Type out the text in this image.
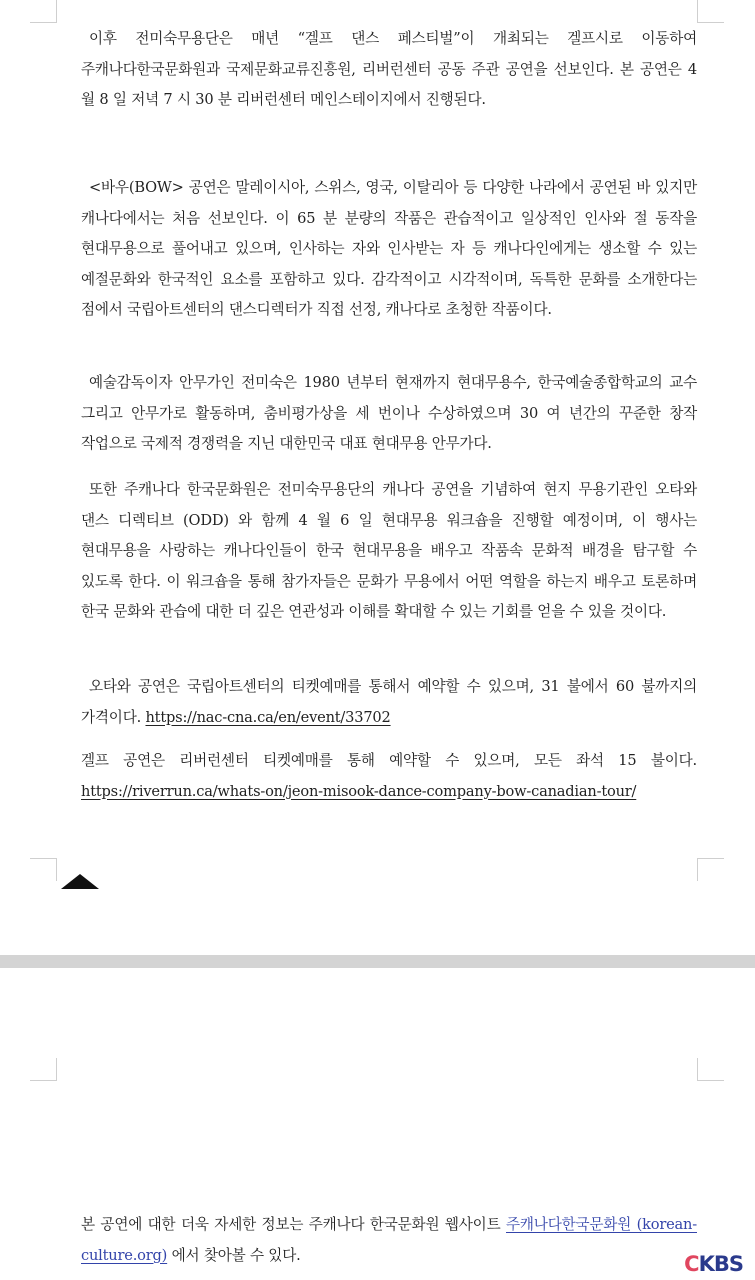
이후 전미숙무용단은 매년 “겔프 댄스 페스티벌”이 개최되는 겔프시로 이동하여 주캐나다한국문화원과 국제문화교류진흥원, 리버런센터 공동 주관 공연을 선보인다. 본 공연은 4 월 8 일 저녁 7 시 30 분 리버런센터 메인스테이지에서 진행된다.

<바우(BOW> 공연은 말레이시아, 스위스, 영국, 이탈리아 등 다양한 나라에서 공연된 바 있지만 캐나다에서는 처음 선보인다. 이 65 분 분량의 작품은 관습적이고 일상적인 인사와 절 동작을 현대무용으로 풀어내고 있으며, 인사하는 자와 인사받는 자 등 캐나다인에게는 생소할 수 있는 예절문화와 한국적인 요소를 포함하고 있다. 감각적이고 시각적이며, 독특한 문화를 소개한다는 점에서 국립아트센터의 댄스디렉터가 직접 선정, 캐나다로 초청한 작품이다.

예술감독이자 안무가인 전미숙은 1980 년부터 현재까지 현대무용수, 한국예술종합학교의 교수 그리고 안무가로 활동하며, 춤비평가상을 세 번이나 수상하였으며 30 여 년간의 꾸준한 창작 작업으로 국제적 경쟁력을 지닌 대한민국 대표 현대무용 안무가다.

또한 주캐나다 한국문화원은 전미숙무용단의 캐나다 공연을 기념하여 현지 무용기관인 오타와 댄스 디렉티브 (ODD) 와 함께 4 월 6 일 현대무용 워크숍을 진행할 예정이며, 이 행사는 현대무용을 사랑하는 캐나다인들이 한국 현대무용을 배우고 작품속 문화적 배경을 탐구할 수 있도록 한다. 이 워크숍을 통해 참가자들은 문화가 무용에서 어떤 역할을 하는지 배우고 토론하며 한국 문화와 관습에 대한 더 깊은 연관성과 이해를 확대할 수 있는 기회를 얻을 수 있을 것이다.

오타와 공연은 국립아트센터의 티켓예매를 통해서 예약할 수 있으며, 31 불에서 60 불까지의 가격이다. https://nac-cna.ca/en/event/33702

겔프 공연은 리버런센터 티켓예매를 통해 예약할 수 있으며, 모든 좌석 15 불이다. https://riverrun.ca/whats-on/jeon-misook-dance-company-bow-canadian-tour/

본 공연에 대한 더욱 자세한 정보는 주캐나다 한국문화원 웹사이트 주캐나다한국문화원 (korean-culture.org) 에서 찾아볼 수 있다.	CKBS
